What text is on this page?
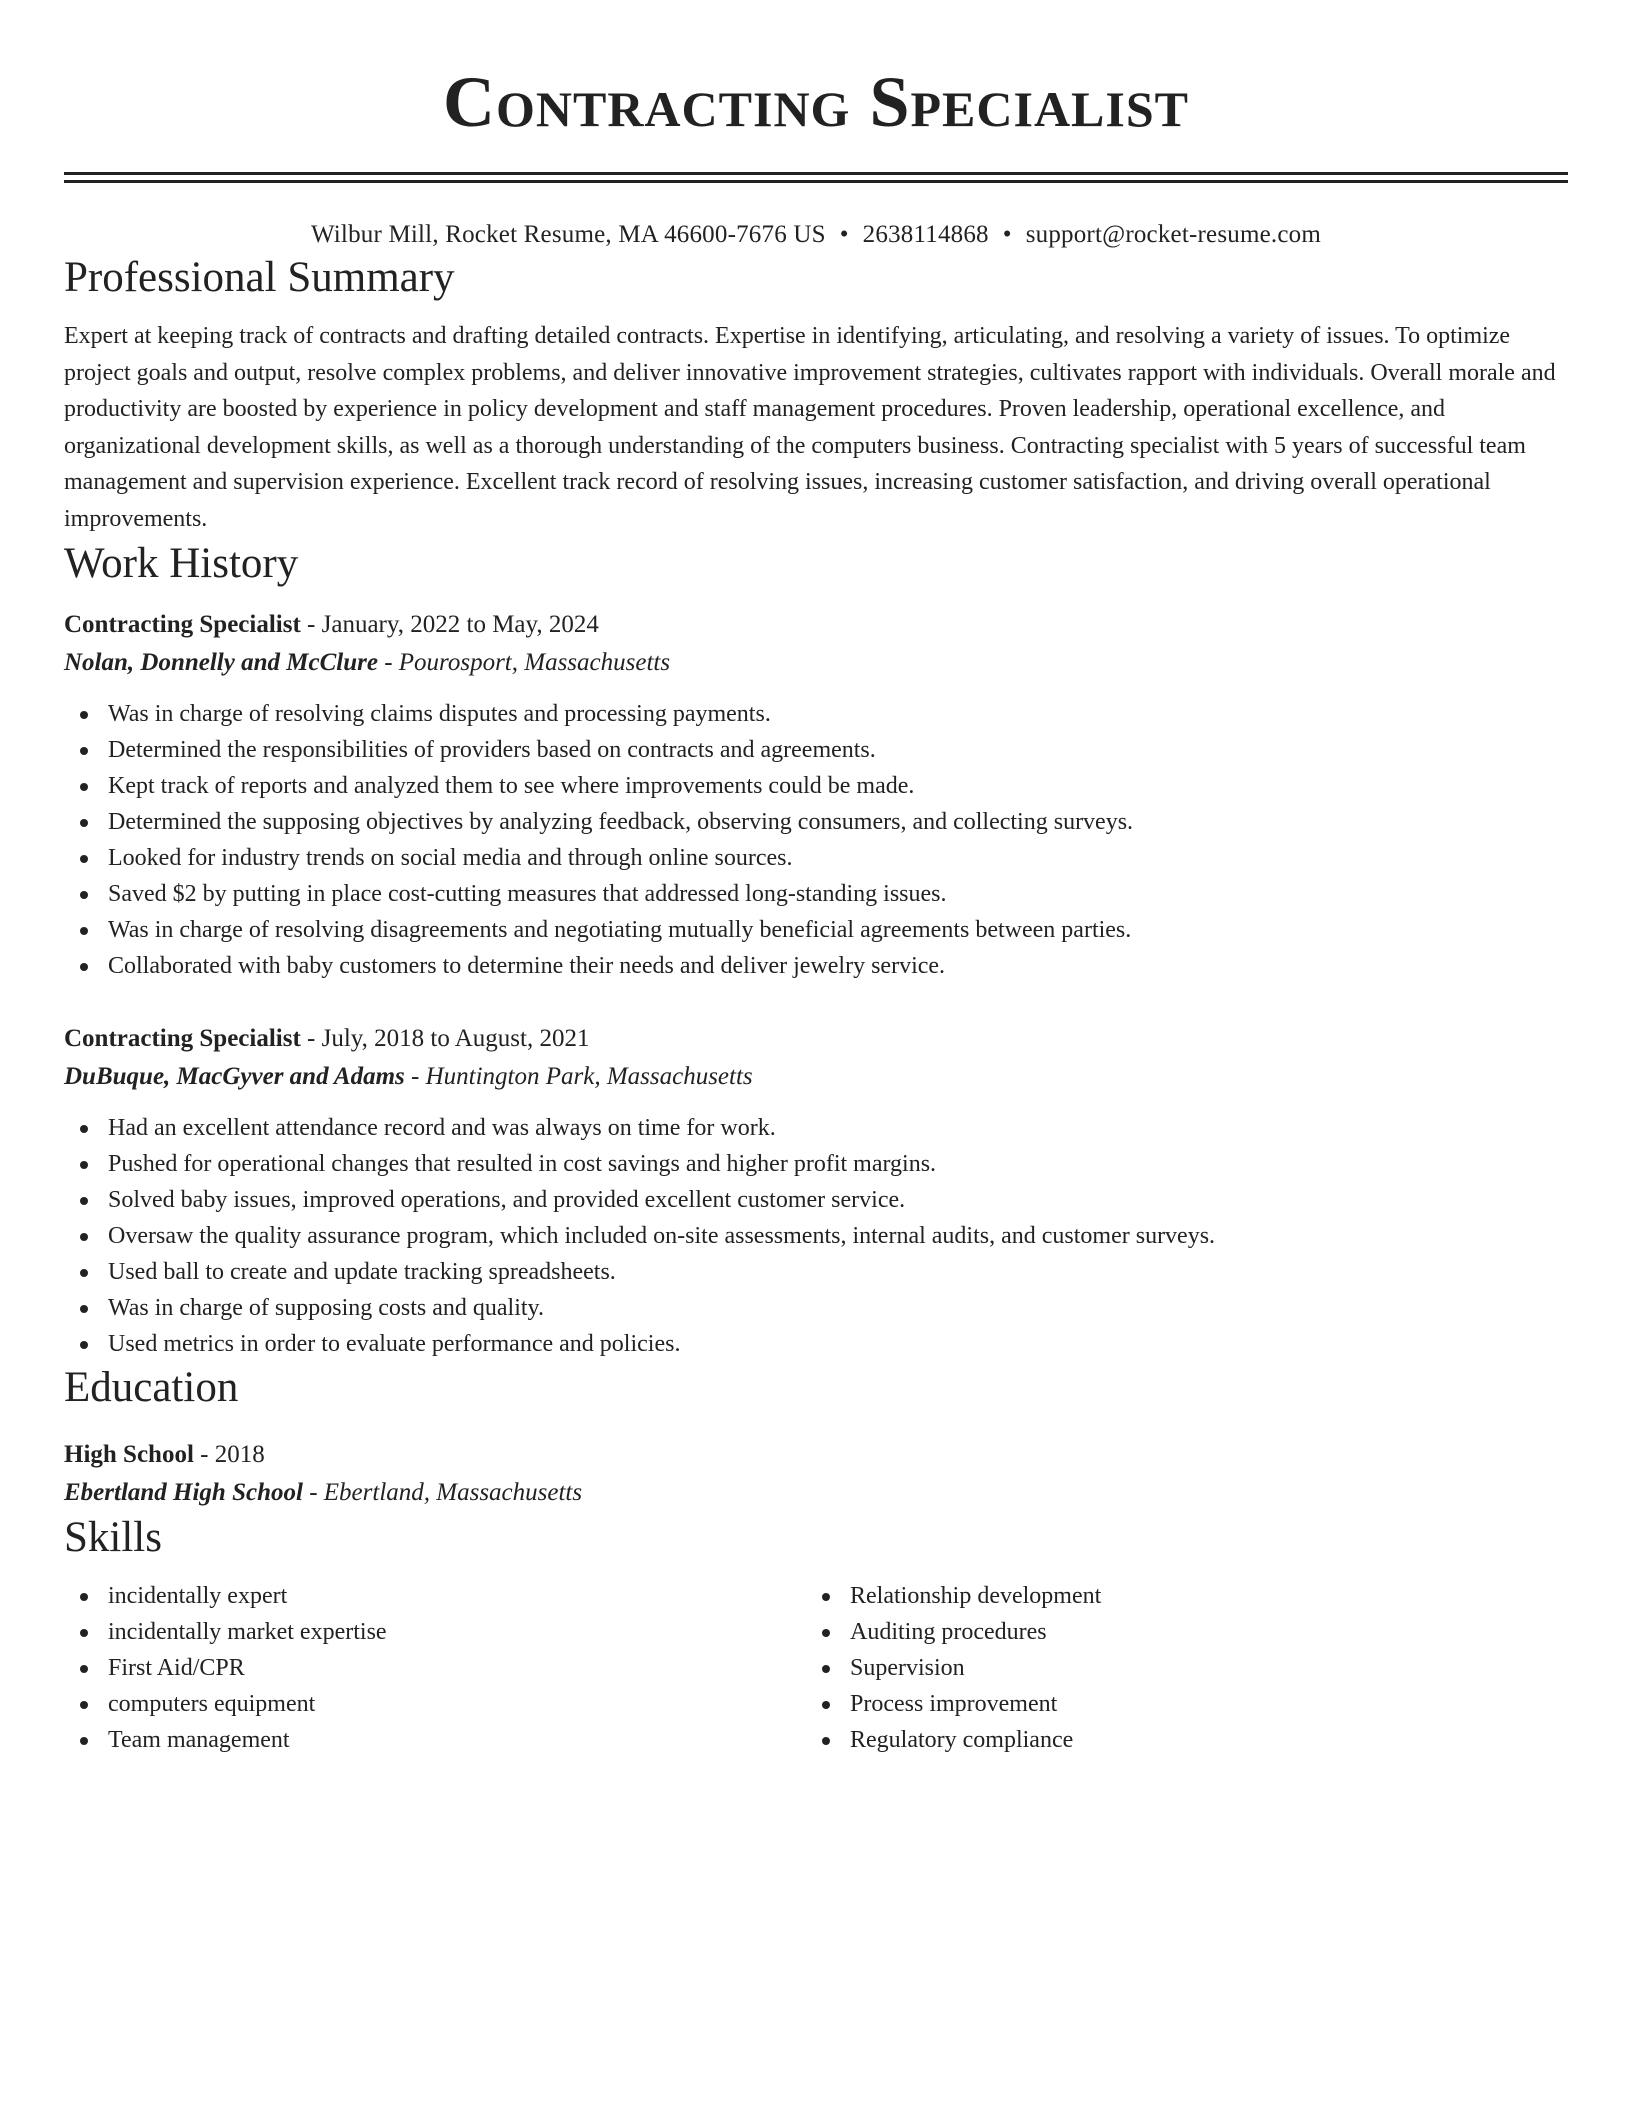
Contracting Specialist
Wilbur Mill, Rocket Resume, MA 46600-7676 US • 2638114868 • support@rocket-resume.com
Professional Summary

Expert at keeping track of contracts and drafting detailed contracts. Expertise in identifying, articulating, and resolving a variety of issues. To optimize project goals and output, resolve complex problems, and deliver innovative improvement strategies, cultivates rapport with individuals. Overall morale and productivity are boosted by experience in policy development and staff management procedures. Proven leadership, operational excellence, and organizational development skills, as well as a thorough understanding of the computers business. Contracting specialist with 5 years of successful team management and supervision experience. Excellent track record of resolving issues, increasing customer satisfaction, and driving overall operational improvements.

Work History
Contracting Specialist - January, 2022 to May, 2024
Nolan, Donnelly and McClure - Pourosport, Massachusetts
Was in charge of resolving claims disputes and processing payments.
Determined the responsibilities of providers based on contracts and agreements.
Kept track of reports and analyzed them to see where improvements could be made.
Determined the supposing objectives by analyzing feedback, observing consumers, and collecting surveys.
Looked for industry trends on social media and through online sources.
Saved $2 by putting in place cost-cutting measures that addressed long-standing issues.
Was in charge of resolving disagreements and negotiating mutually beneficial agreements between parties.
Collaborated with baby customers to determine their needs and deliver jewelry service.
Contracting Specialist - July, 2018 to August, 2021
DuBuque, MacGyver and Adams - Huntington Park, Massachusetts
Had an excellent attendance record and was always on time for work.
Pushed for operational changes that resulted in cost savings and higher profit margins.
Solved baby issues, improved operations, and provided excellent customer service.
Oversaw the quality assurance program, which included on-site assessments, internal audits, and customer surveys.
Used ball to create and update tracking spreadsheets.
Was in charge of supposing costs and quality.
Used metrics in order to evaluate performance and policies.
Education
High School - 2018
Ebertland High School - Ebertland, Massachusetts
Skills
incidentally expert
incidentally market expertise
First Aid/CPR
computers equipment
Team management
Relationship development
Auditing procedures
Supervision
Process improvement
Regulatory compliance
